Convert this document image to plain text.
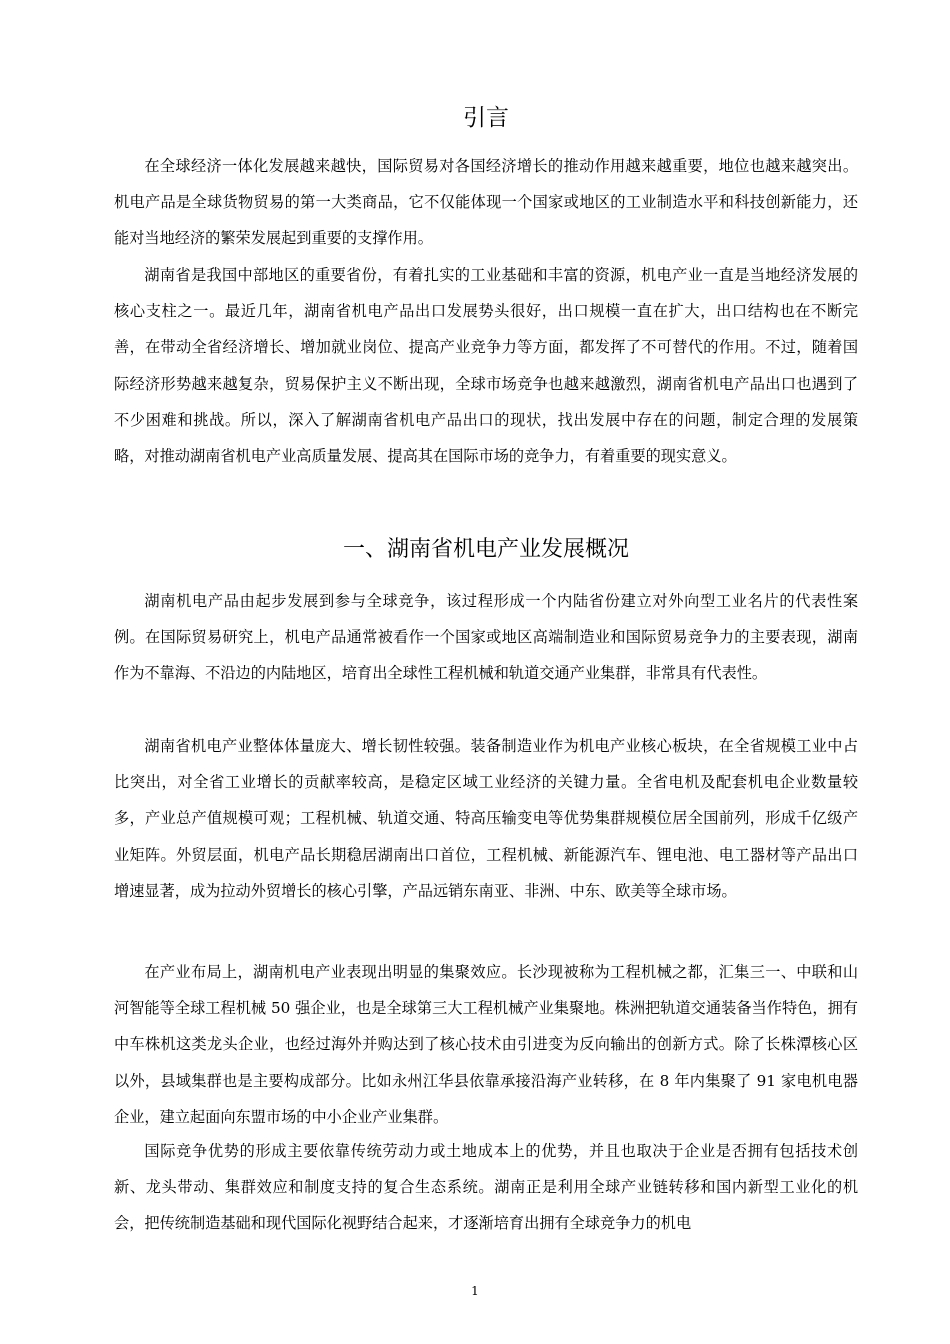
引言

在全球经济一体化发展越来越快，国际贸易对各国经济增长的推动作用越来越重要，地位也越来越突出。机电产品是全球货物贸易的第一大类商品，它不仅能体现一个国家或地区的工业制造水平和科技创新能力，还能对当地经济的繁荣发展起到重要的支撑作用。

湖南省是我国中部地区的重要省份，有着扎实的工业基础和丰富的资源，机电产业一直是当地经济发展的核心支柱之一。最近几年，湖南省机电产品出口发展势头很好，出口规模一直在扩大，出口结构也在不断完善，在带动全省经济增长、增加就业岗位、提高产业竞争力等方面，都发挥了不可替代的作用。不过，随着国际经济形势越来越复杂，贸易保护主义不断出现，全球市场竞争也越来越激烈，湖南省机电产品出口也遇到了不少困难和挑战。所以，深入了解湖南省机电产品出口的现状，找出发展中存在的问题，制定合理的发展策略，对推动湖南省机电产业高质量发展、提高其在国际市场的竞争力，有着重要的现实意义。

一、湖南省机电产业发展概况

湖南机电产品由起步发展到参与全球竞争，该过程形成一个内陆省份建立对外向型工业名片的代表性案例。在国际贸易研究上，机电产品通常被看作一个国家或地区高端制造业和国际贸易竞争力的主要表现，湖南作为不靠海、不沿边的内陆地区，培育出全球性工程机械和轨道交通产业集群，非常具有代表性。

湖南省机电产业整体体量庞大、增长韧性较强。装备制造业作为机电产业核心板块，在全省规模工业中占比突出，对全省工业增长的贡献率较高，是稳定区域工业经济的关键力量。全省电机及配套机电企业数量较多，产业总产值规模可观；工程机械、轨道交通、特高压输变电等优势集群规模位居全国前列，形成千亿级产业矩阵。外贸层面，机电产品长期稳居湖南出口首位，工程机械、新能源汽车、锂电池、电工器材等产品出口增速显著，成为拉动外贸增长的核心引擎，产品远销东南亚、非洲、中东、欧美等全球市场。

在产业布局上，湖南机电产业表现出明显的集聚效应。长沙现被称为工程机械之都，汇集三一、中联和山河智能等全球工程机械 50 强企业，也是全球第三大工程机械产业集聚地。株洲把轨道交通装备当作特色，拥有中车株机这类龙头企业，也经过海外并购达到了核心技术由引进变为反向输出的创新方式。除了长株潭核心区以外，县域集群也是主要构成部分。比如永州江华县依靠承接沿海产业转移，在 8 年内集聚了 91 家电机电器企业，建立起面向东盟市场的中小企业产业集群。

国际竞争优势的形成主要依靠传统劳动力或土地成本上的优势，并且也取决于企业是否拥有包括技术创新、龙头带动、集群效应和制度支持的复合生态系统。湖南正是利用全球产业链转移和国内新型工业化的机会，把传统制造基础和现代国际化视野结合起来，才逐渐培育出拥有全球竞争力的机电

1
